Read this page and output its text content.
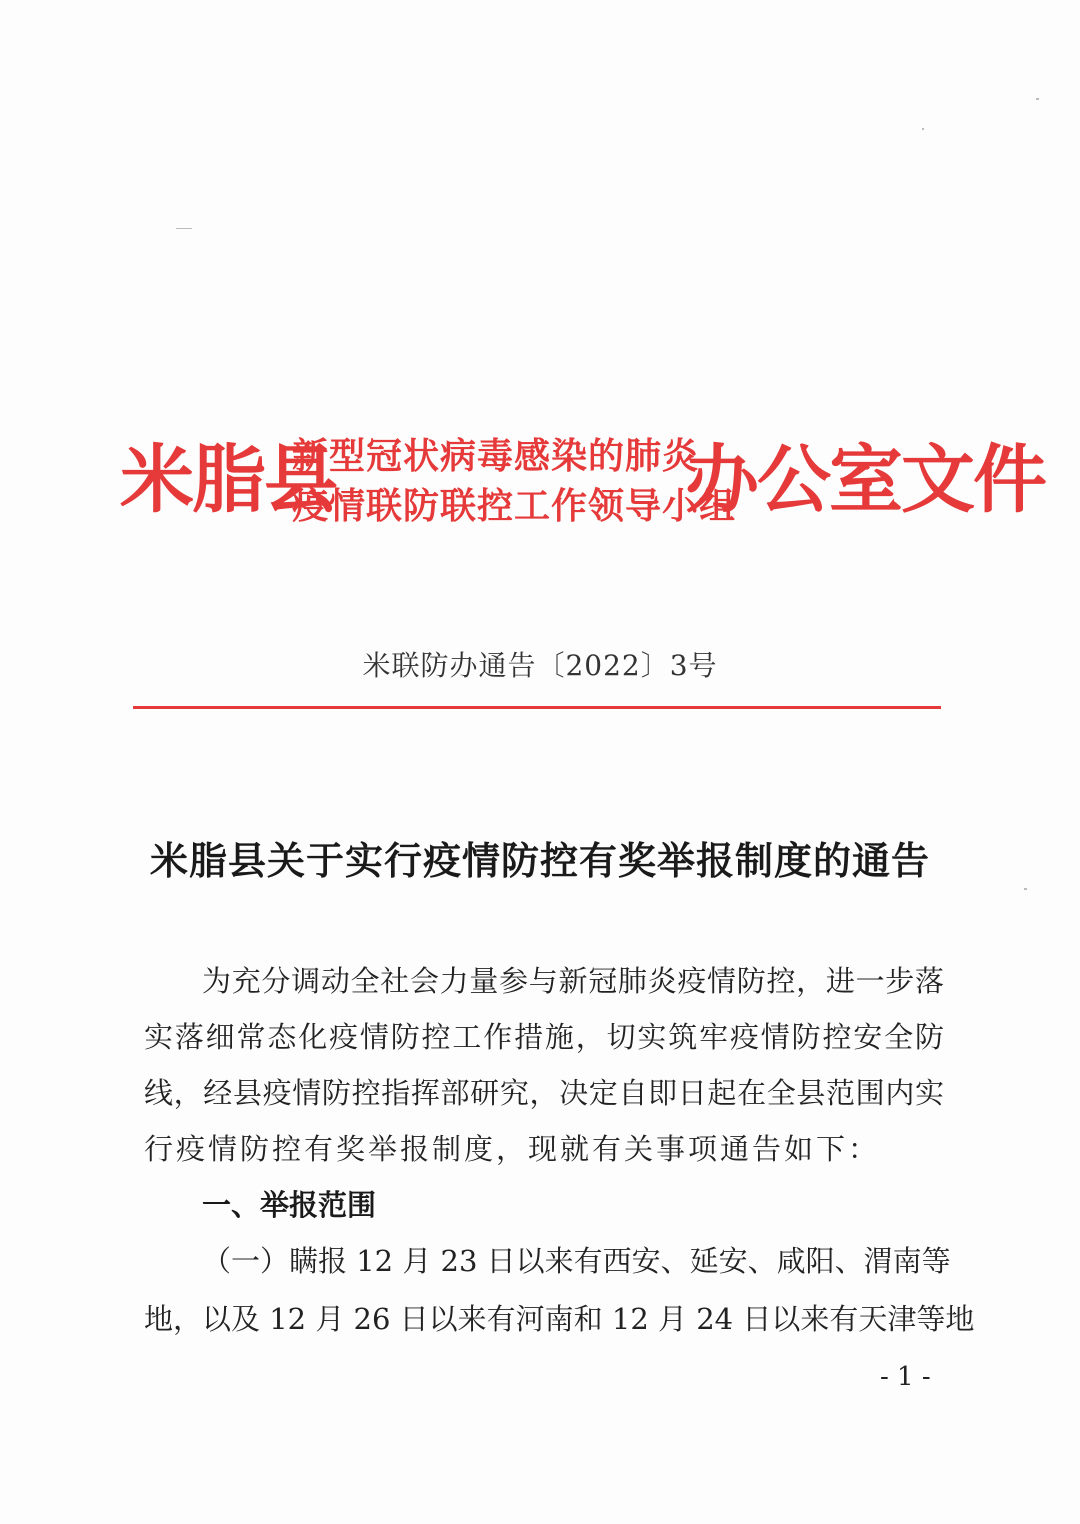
米脂县
新型冠状病毒感染的肺炎
疫情联防联控工作领导小组
办公室文件
米联防办通告〔2022〕3号
米脂县关于实行疫情防控有奖举报制度的通告
为充分调动全社会力量参与新冠肺炎疫情防控，进一步落
实落细常态化疫情防控工作措施，切实筑牢疫情防控安全防
线，经县疫情防控指挥部研究，决定自即日起在全县范围内实
行疫情防控有奖举报制度，现就有关事项通告如下：
一、举报范围
（一）瞒报 12 月 23 日以来有西安、延安、咸阳、渭南等
地，以及 12 月 26 日以来有河南和 12 月 24 日以来有天津等地
- 1 -
